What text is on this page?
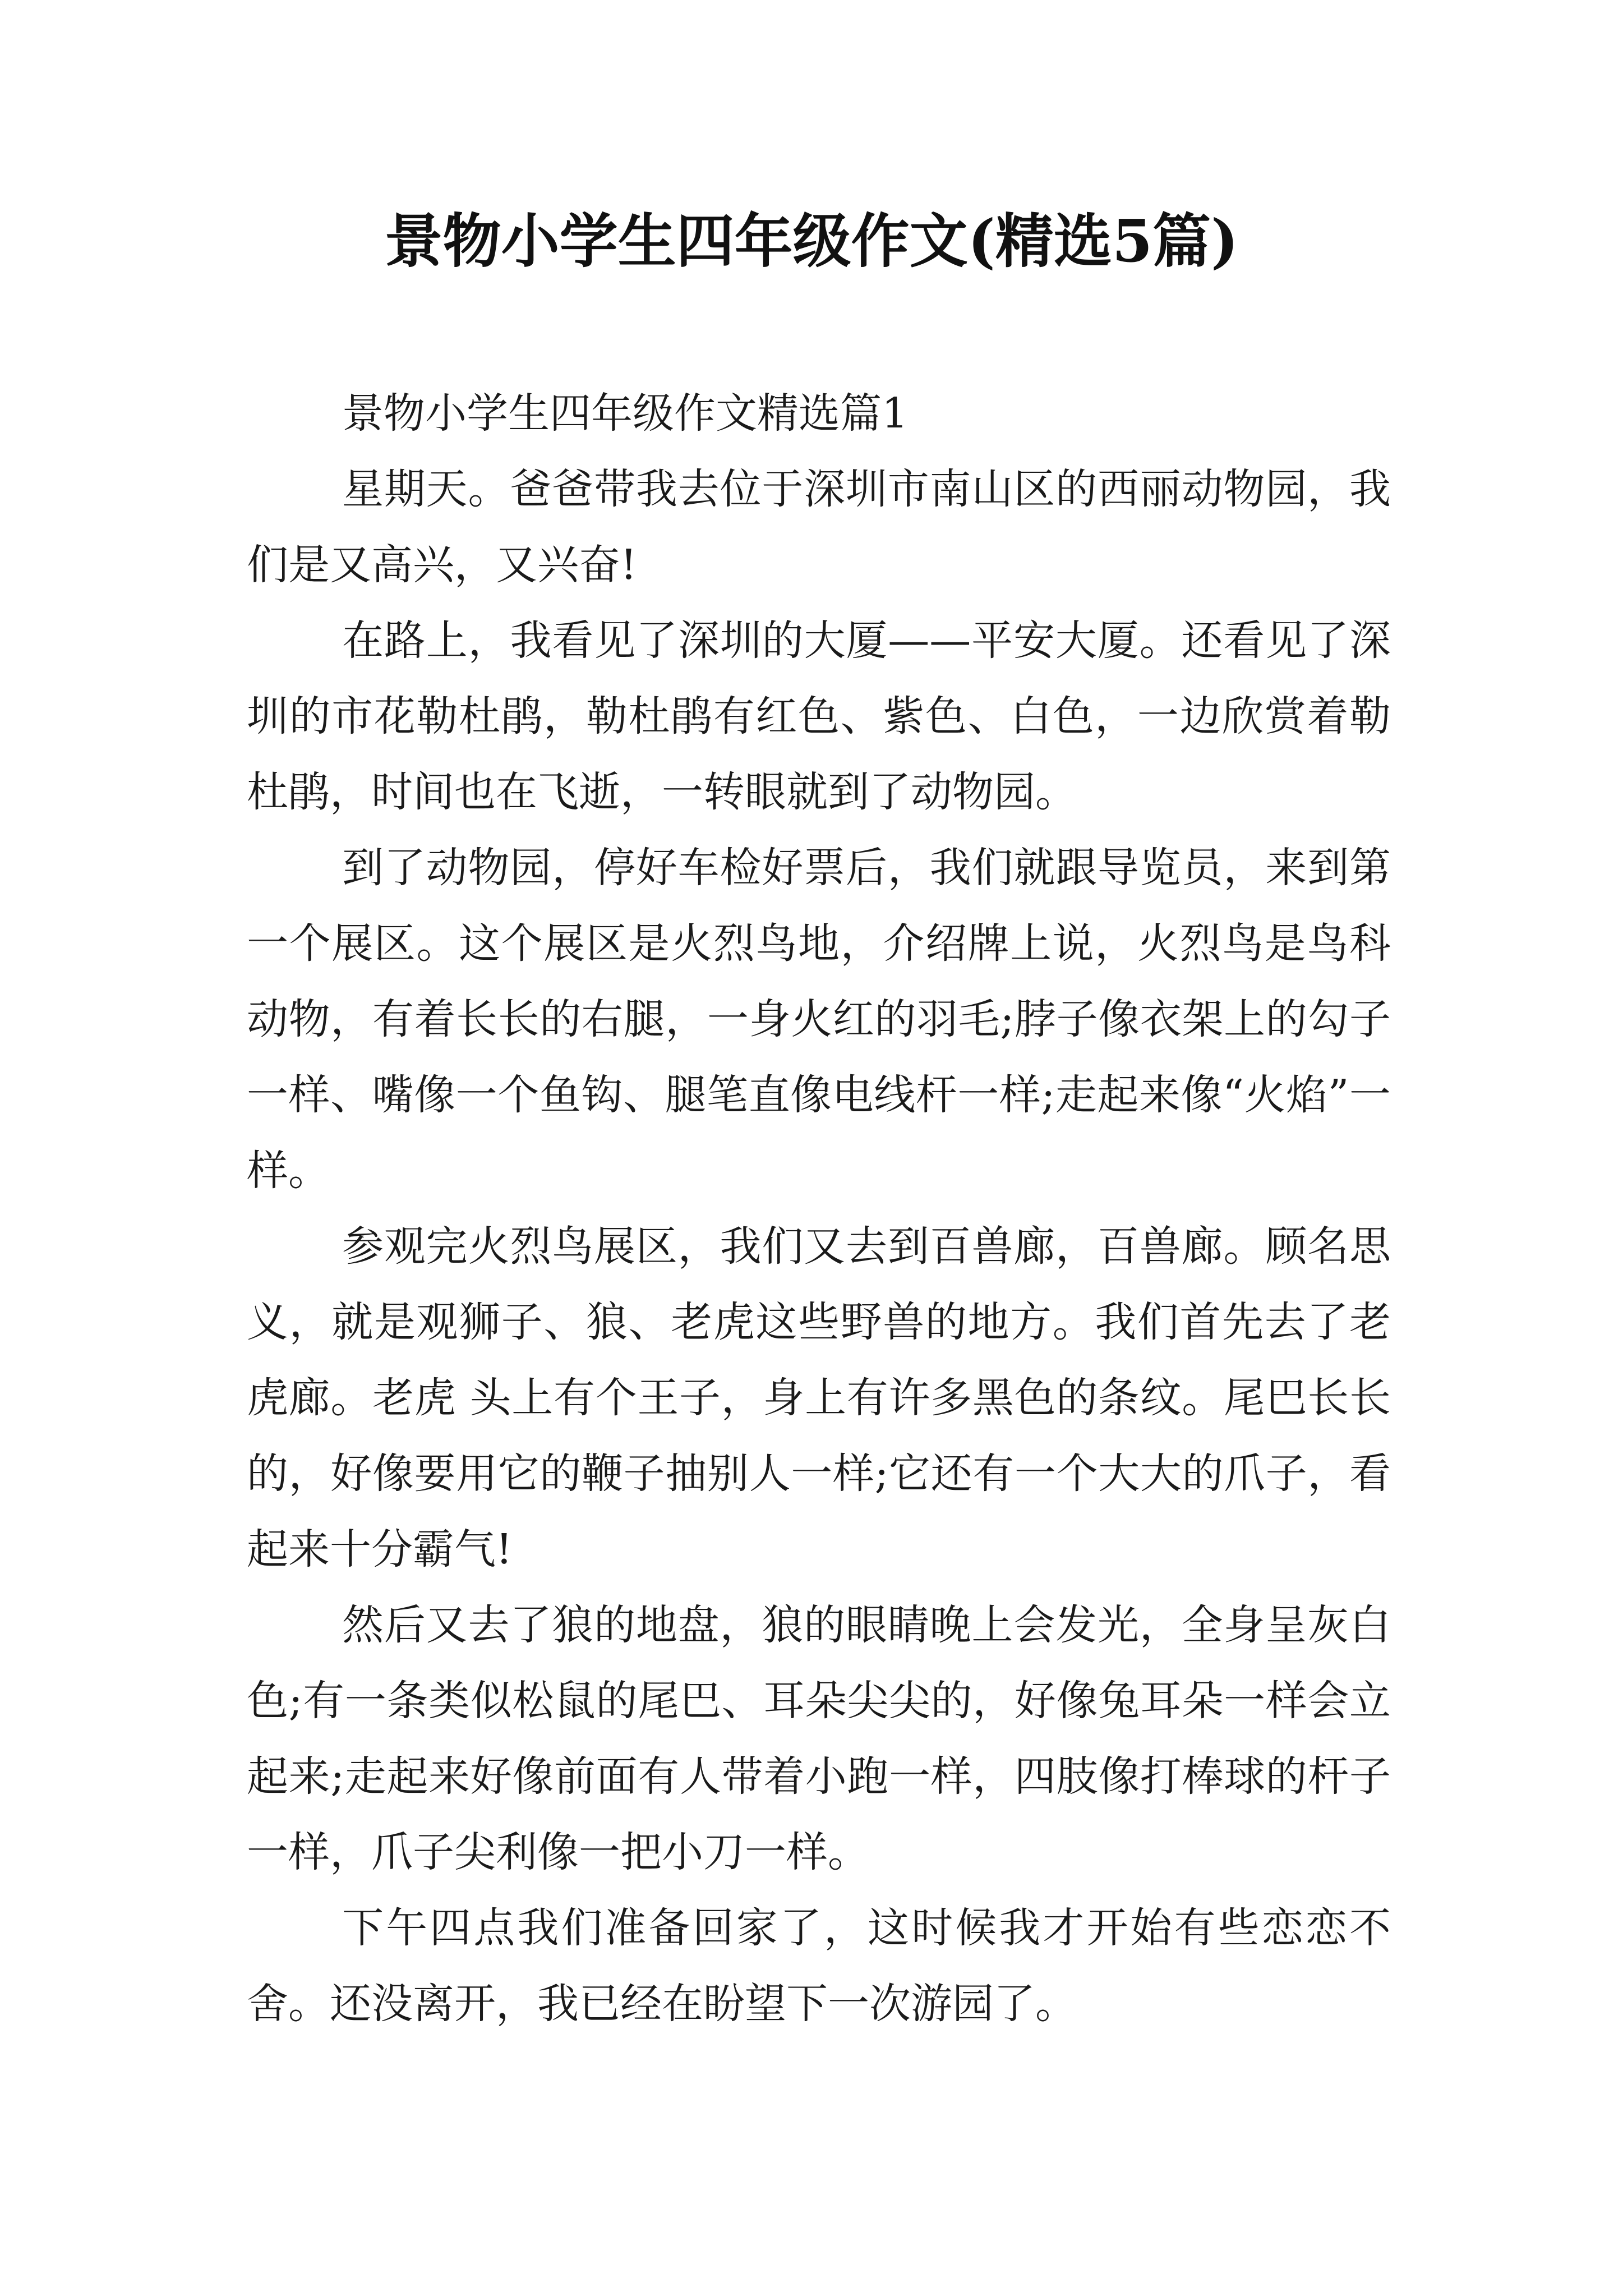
景物小学生四年级作文(精选5篇)

景物小学生四年级作文精选篇1

星期天。爸爸带我去位于深圳市南山区的西丽动物园，我们是又高兴，又兴奋!

在路上，我看见了深圳的大厦——平安大厦。还看见了深圳的市花勒杜鹃，勒杜鹃有红色、紫色、白色，一边欣赏着勒杜鹃，时间也在飞逝，一转眼就到了动物园。

到了动物园，停好车检好票后，我们就跟导览员，来到第一个展区。这个展区是火烈鸟地，介绍牌上说，火烈鸟是鸟科动物，有着长长的右腿，一身火红的羽毛;脖子像衣架上的勾子一样、嘴像一个鱼钩、腿笔直像电线杆一样;走起来像“火焰”一样。

参观完火烈鸟展区，我们又去到百兽廊，百兽廊。顾名思义，就是观狮子、狼、老虎这些野兽的地方。我们首先去了老虎廊。老虎 头上有个王子，身上有许多黑色的条纹。尾巴长长的，好像要用它的鞭子抽别人一样;它还有一个大大的爪子，看起来十分霸气!

然后又去了狼的地盘，狼的眼睛晚上会发光，全身呈灰白色;有一条类似松鼠的尾巴、耳朵尖尖的，好像兔耳朵一样会立起来;走起来好像前面有人带着小跑一样，四肢像打棒球的杆子一样，爪子尖利像一把小刀一样。

下午四点我们准备回家了，这时候我才开始有些恋恋不舍。还没离开，我已经在盼望下一次游园了。
